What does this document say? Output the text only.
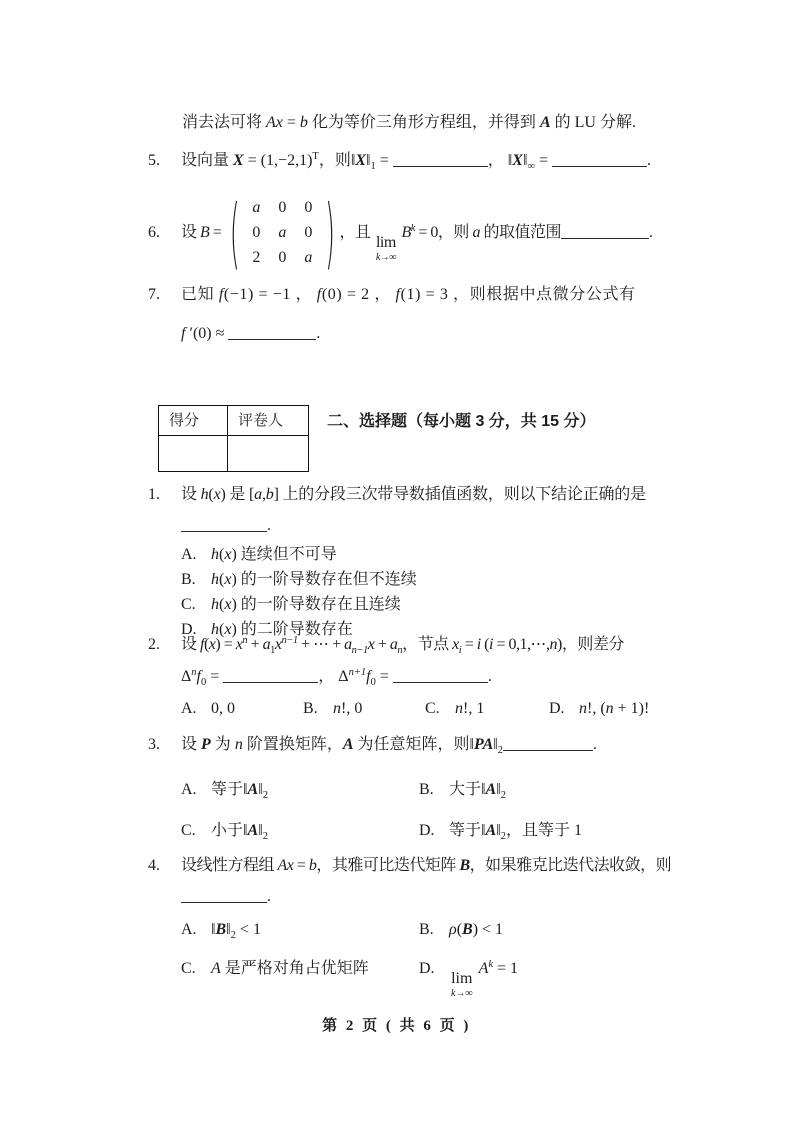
消去法可将 Ax = b 化为等价三角形方程组，并得到 A 的 LU 分解.
5.	设向量 $X = (1,-2,1)^T$，则$‖X‖_1$ =	， $‖X‖_\infty$ =	.
6.	设 B = ( a	0	0
0	a	0
2	0	a ) ，且
lim
k→∞
$B^k = 0$，则 a 的取值范围	.
7.	已知 f(−1) = −1 ， f(0) = 2 ， f(1) = 3 ，则根据中点微分公式有
f ′(0) ≈	.
得分	评卷人
		二、选择题（每小题 3 分，共 15 分）
1.	设 h(x) 是 [a,b] 上的分段三次带导数插值函数，则以下结论正确的是
.
A. h(x) 连续但不可导
B. h(x) 的一阶导数存在但不连续
C. h(x) 的一阶导数存在且连续
D. h(x) 的二阶导数存在
2.	设 $f(x) = x^n + a_1x^{n-1}$ + ⋯ + $a_{n-1}x + a_n$，节点 $x_i = i$ (i = 0,1,⋯,n)，则差分
$\Delta^nf_0$ =	， $\Delta^{n+1}f_0$ =	.
A. 0, 0	B. n!, 0	C. n!, 1	D. n!, (n + 1)!
3.	设 P 为 n 阶置换矩阵，A 为任意矩阵，则$‖PA‖_2$	.
A. 等于$‖A‖_2$	B. 大于$‖A‖_2$
C. 小于$‖A‖_2$	D. 等于$‖A‖_2$，且等于 1
4.	设线性方程组 Ax = b，其雅可比迭代矩阵 B，如果雅克比迭代法收敛，则
.
A. $‖B‖_2 < 1$	B. ρ(B) < 1
C. A 是严格对角占优矩阵	D.
lim
k→∞
$A^k = 1$
第 2 页 ( 共 6 页 )
